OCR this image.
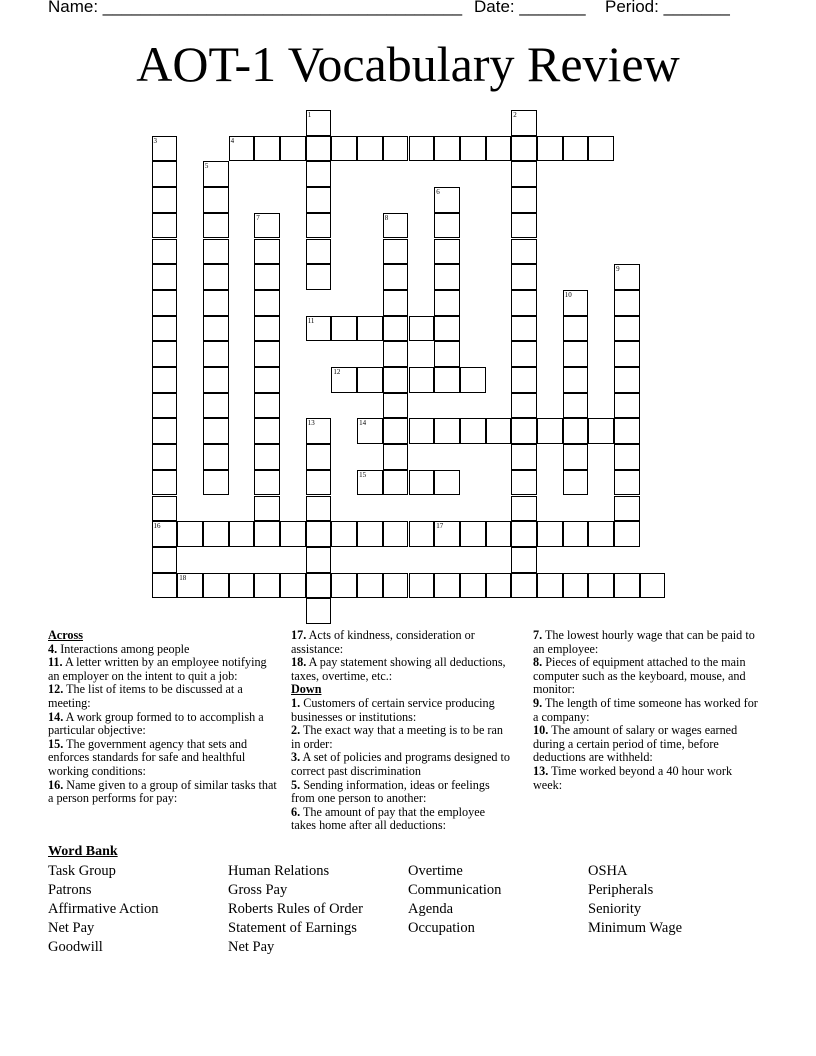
Name: ______________________________________ Date: _______ Period: _______
AOT-1 Vocabulary Review
1	2
3
16
4
5
6
7	8
9
10
11
12
13	14
15
17
18

Across

4. Interactions among people

11. A letter written by an employee notifying an employer on the intent to quit a job:

12. The list of items to be discussed at a meeting:

14. A work group formed to to accomplish a particular objective:

15. The government agency that sets and enforces standards for safe and healthful working conditions:

16. Name given to a group of similar tasks that a person performs for pay:

17. Acts of kindness, consideration or assistance:

18. A pay statement showing all deductions, taxes, overtime, etc.:

Down

1. Customers of certain service producing businesses or institutions:

2. The exact way that a meeting is to be ran in order:

3. A set of policies and programs designed to correct past discrimination

5. Sending information, ideas or feelings from one person to another:

6. The amount of pay that the employee takes home after all deductions:

7. The lowest hourly wage that can be paid to an employee:

8. Pieces of equipment attached to the main computer such as the keyboard, mouse, and monitor:

9. The length of time someone has worked for a company:

10. The amount of salary or wages earned during a certain period of time, before deductions are withheld:

13. Time worked beyond a 40 hour work week:

Word Bank
Task Group
Patrons
Affirmative Action
Net Pay
Goodwill
Human Relations
Gross Pay
Roberts Rules of Order
Statement of Earnings
Net Pay
Overtime
Communication
Agenda
Occupation
OSHA
Peripherals
Seniority
Minimum Wage
